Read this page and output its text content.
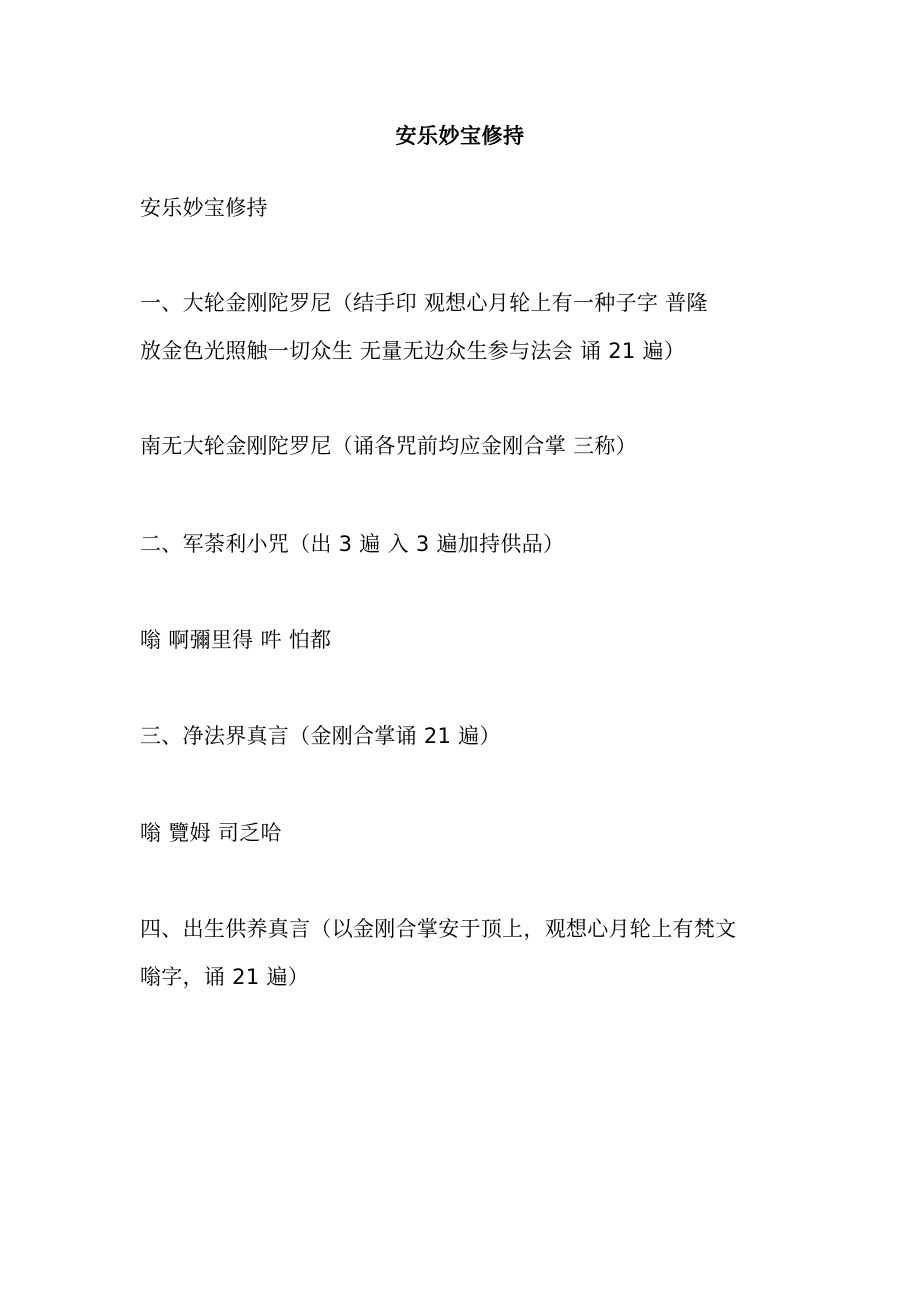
安乐妙宝修持
安乐妙宝修持
一、大轮金刚陀罗尼（结手印 观想心月轮上有一种子字 普隆
放金色光照触一切众生 无量无边众生参与法会 诵 21 遍）
南无大轮金刚陀罗尼（诵各咒前均应金刚合掌 三称）
二、军荼利小咒（出 3 遍 入 3 遍加持供品）
嗡 啊彌里得 吽 怕都
三、净法界真言（金刚合掌诵 21 遍）
嗡 覽姆 司乏哈
四、出生供养真言（以金刚合掌安于顶上，观想心月轮上有梵文
嗡字，诵 21 遍）
